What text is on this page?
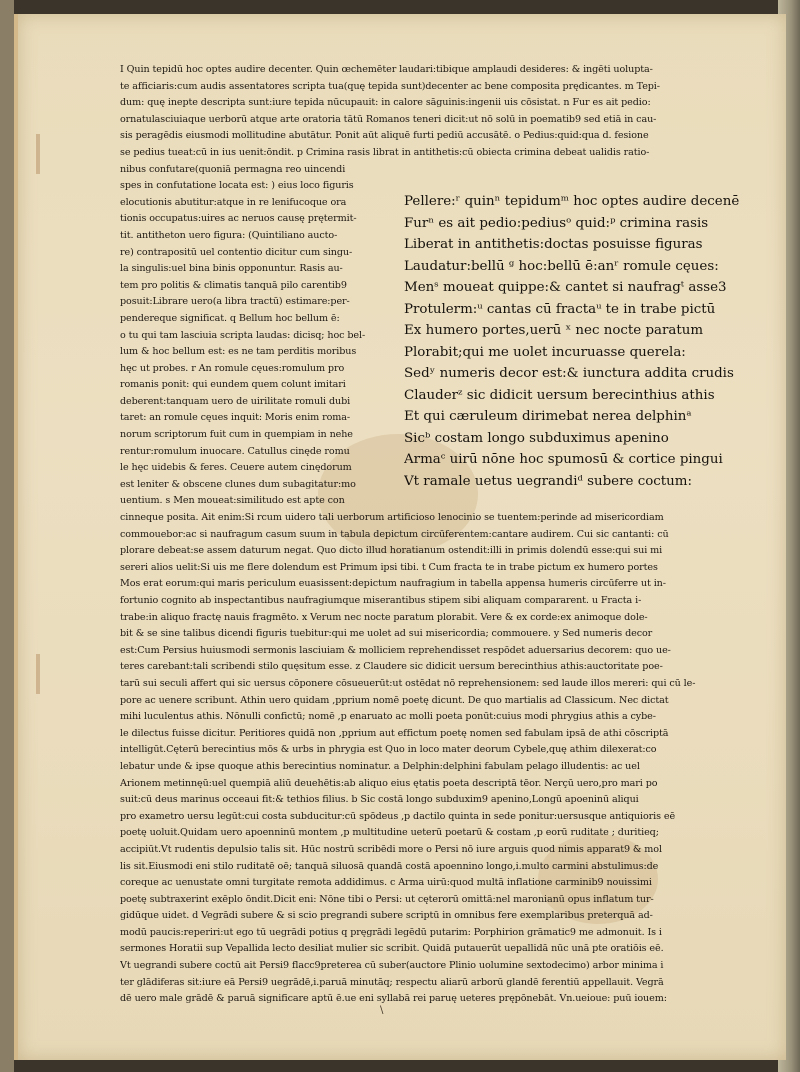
I Quin tepidū hoc optes audire decenter. Quin œchemēter laudari:tibique amplaudi desideres: & ingēti uolupta-
te afficiaris:cum audis assentatores scripta tua(quę tepida sunt)decenter ac bene composita prędicantes. m Tepi-
dum: quę inepte descripta sunt:iure tepida nūcupauit: in calore sāguinis:ingenii uis cōsistat. n Fur es ait pedio:
ornatulasciuiaque uerborū atque arte oratoria tātū Romanos teneri dicit:ut nō solū in poematib9 sed etiā in cau-
sis peragēdis eiusmodi mollitudine abutātur. Ponit aūt aliquē furti pediū accusātē. o Pedius:quid:qua d. fesione
se pedius tueat:cū in ius uenit:ōndit. p Crimina rasis librat in antithetis:cū obiecta crimina debeat ualidis ratio-
nibus confutare(quoniā permagna reo uincendi
spes in confutatione locata est: ) eius loco figuris
elocutionis abutitur:atque in re lenifucoque ora
tionis occupatus:uires ac neruos causę prętermit-
tit. antitheton uero figura: (Quintiliano aucto-
re) contrapositū uel contentio dicitur cum singu-
la singulis:uel bina binis opponuntur. Rasis au-
tem pro politis & climatis tanquā pilo carentib9
posuit:Librare uero(a libra tractū) estimare:per-
pendereque significat. q Bellum hoc bellum ē:
o tu qui tam lasciuia scripta laudas: dicisq; hoc bel-
lum & hoc bellum est: es ne tam perditis moribus
hęc ut probes. r An romule cęues:romulum pro
romanis ponit: qui eundem quem colunt imitari
deberent:tanquam uero de uirilitate romuli dubi
taret: an romule cęues inquit: Moris enim roma-
norum scriptorum fuit cum in quempiam in nehe
rentur:romulum inuocare. Catullus cinęde romu
le hęc uidebis & feres. Ceuere autem cinędorum
est leniter & obscene clunes dum subagitatur:mo
uentium. s Men moueat:similitudo est apte con
cinneque posita. Ait enim:Si rcum uidero tali uerborum artificioso lenocinio se tuentem:perinde ad misericordiam
commouebor:ac si naufragum casum suum in tabula depictum circūferentem:cantare audirem. Cui sic cantanti: cū
plorare debeat:se assem daturum negat. Quo dicto illud horatianum ostendit:illi in primis dolendū esse:qui sui mi
sereri alios uelit:Si uis me flere dolendum est Primum ipsi tibi. t Cum fracta te in trabe pictum ex humero portes
Mos erat eorum:qui maris periculum euasissent:depictum naufragium in tabella appensa humeris circūferre ut in-
fortunio cognito ab inspectantibus naufragiumque miserantibus stipem sibi aliquam compararent. u Fracta i-
trabe:in aliquo fractę nauis fragmēto. x Verum nec nocte paratum plorabit. Vere & ex corde:ex animoque dole-
bit & se sine talibus dicendi figuris tuebitur:qui me uolet ad sui misericordia; commouere. y Sed numeris decor
est:Cum Persius huiusmodi sermonis lasciuiam & molliciem reprehendisset respōdet aduersarius decorem: quo ue-
teres carebant:tali scribendi stilo quęsitum esse. z Claudere sic didicit uersum berecinthius athis:auctoritate poe-
tarū sui seculi affert qui sic uersus cōponere cōsueuerūt:ut ostēdat nō reprehensionem: sed laude illos mereri: qui cū le-
pore ac uenere scribunt. Athin uero quidam ,pprium nomē poetę dicunt. De quo martialis ad Classicum. Nec dictat
mihi luculentus athis. Nōnulli confictū; nomē ,p enaruato ac molli poeta ponūt:cuius modi phrygius athis a cybe-
le dilectus fuisse dicitur. Peritiores quidā non ,pprium aut effictum poetę nomen sed fabulam ipsā de athi cōscriptā
intelligūt.Cęterū berecintius mōs & urbs in phrygia est Quo in loco mater deorum Cybele,quę athim dilexerat:co
lebatur unde & ipse quoque athis berecintius nominatur. a Delphin:delphini fabulam pelago illudentis: ac uel
Arionem metinnęū:uel quempiā aliū deuehētis:ab aliquo eius ętatis poeta descriptā tēor. Nerçū uero,pro mari po
suit:cū deus marinus occeaui fit:& tethios filius. b Sic costā longo subduxim9 apenino,Longū apoeninū aliqui
pro exametro uersu legūt:cui costa subducitur:cū spōdeus ,p dactilo quinta in sede ponitur:uersusque antiquioris eē
poetę uoluit.Quidam uero apoenninū montem ,p multitudine ueterū poetarū & costam ,p eorū ruditate ; duritieq;
accipiūt.Vt rudentis depulsio talis sit. Hūc nostrū scribēdi more o Persi nō iure arguis quod nimis apparat9 & mol
lis sit.Eiusmodi eni stilo ruditatē oē; tanquā siluosā quandā costā apoennino longo,i.multo carmini abstulimus:de
coreque ac uenustate omni turgitate remota addidimus. c Arma uirū:quod multā inflatione carminib9 nouissimi
poetę subtraxerint exēplo ōndit.Dicit eni: Nōne tibi o Persi: ut cęterorū omittā:nel maronianū opus inflatum tur-
gidūque uidet. d Vegrādi subere & si scio pregrandi subere scriptū in omnibus fere exemplaribus preterquā ad-
modū paucis:reperiri:ut ego tū uegrādi potius q pręgrādi legēdū putarim: Porphirion grāmatic9 me admonuit. Is i
sermones Horatii sup Vepallida lecto desiliat mulier sic scribit. Quidā putauerūt uepallidā nūc unā pte oratiōis eē.
Vt uegrandi subere coctū ait Persi9 flacc9preterea cū suber(auctore Plinio uolumine sextodecimo) arbor minima i
ter glādiferas sit:iure eā Persi9 uegrādē,i.paruā minutāq; respectu aliarū arborū glandē ferentiū appellauit. Vegrā
dē uero male grādē & paruā significare aptū ē.ue eni syllabā rei paruę ueteres prępōnebāt. Vn.ueioue: puū iouem:
Pellere:ʳ quinⁿ tepidumᵐ hoc optes audire decenē
Furⁿ es ait pedio:pediusᵒ quid:ᵖ crimina rasis
Liberat in antithetis:doctas posuisse figuras
Laudatur:bellū ᵍ hoc:bellū ē:anʳ romule cęues:
Menˢ moueat quippe:& cantet si naufragᵗ asse3
Protulerm:ᵘ cantas cū fractaᵘ te in trabe pictū
Ex humero portes,uerū ˣ nec nocte paratum
Plorabit;qui me uolet incuruasse querela:
Sedʸ numeris decor est:& iunctura addita crudis
Clauderᶻ sic didicit uersum berecinthius athis
Et qui cæruleum dirimebat nerea delphinᵃ
Sicᵇ costam longo subduximus apenino
Armaᶜ uirū nōne hoc spumosū & cortice pingui
Vt ramale uetus uegrandiᵈ subere coctum:
\
